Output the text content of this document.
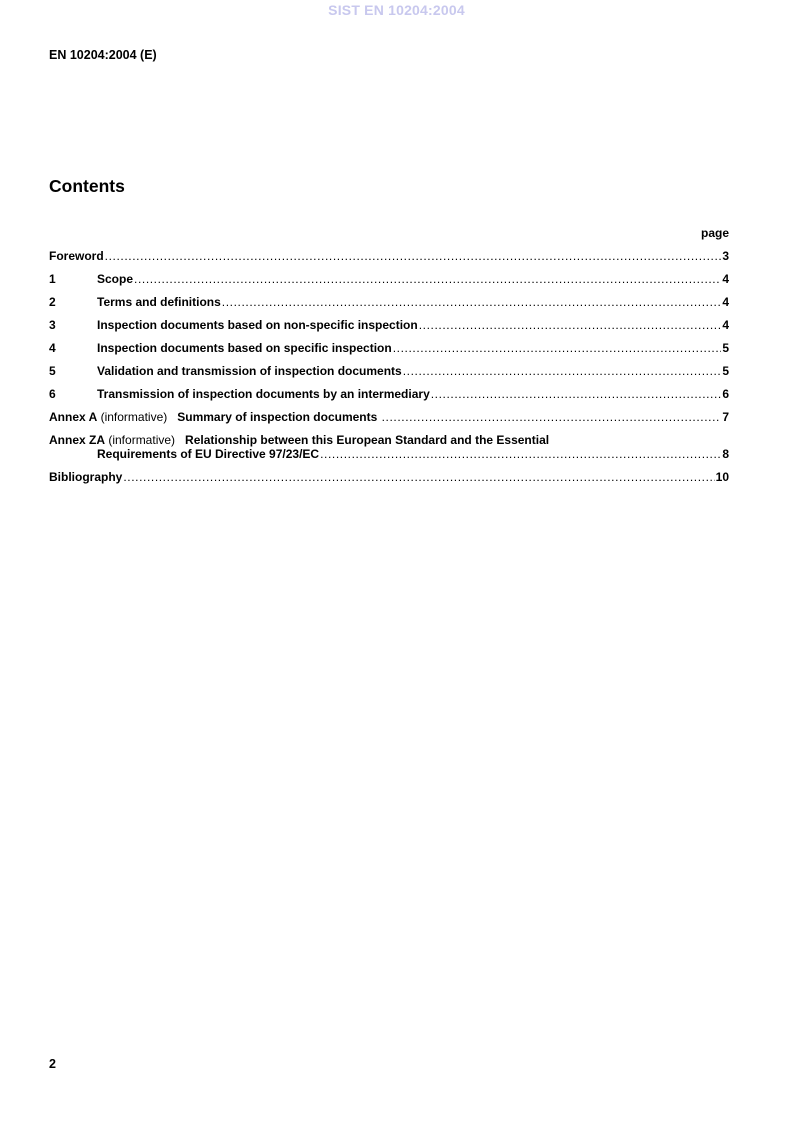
SIST EN 10204:2004
EN 10204:2004 (E)
Contents
page
Foreword .....	3
1	Scope .....	4
2	Terms and definitions .....	4
3	Inspection documents based on non-specific inspection .....	4
4	Inspection documents based on specific inspection .....	5
5	Validation and transmission of inspection documents .....	5
6	Transmission of inspection documents by an intermediary .....	6
Annex A (informative) Summary of inspection documents .....	7
Annex ZA (informative)   Relationship between this European Standard and the Essential
Requirements of EU Directive 97/23/EC .....	8
Bibliography .....	10
2
